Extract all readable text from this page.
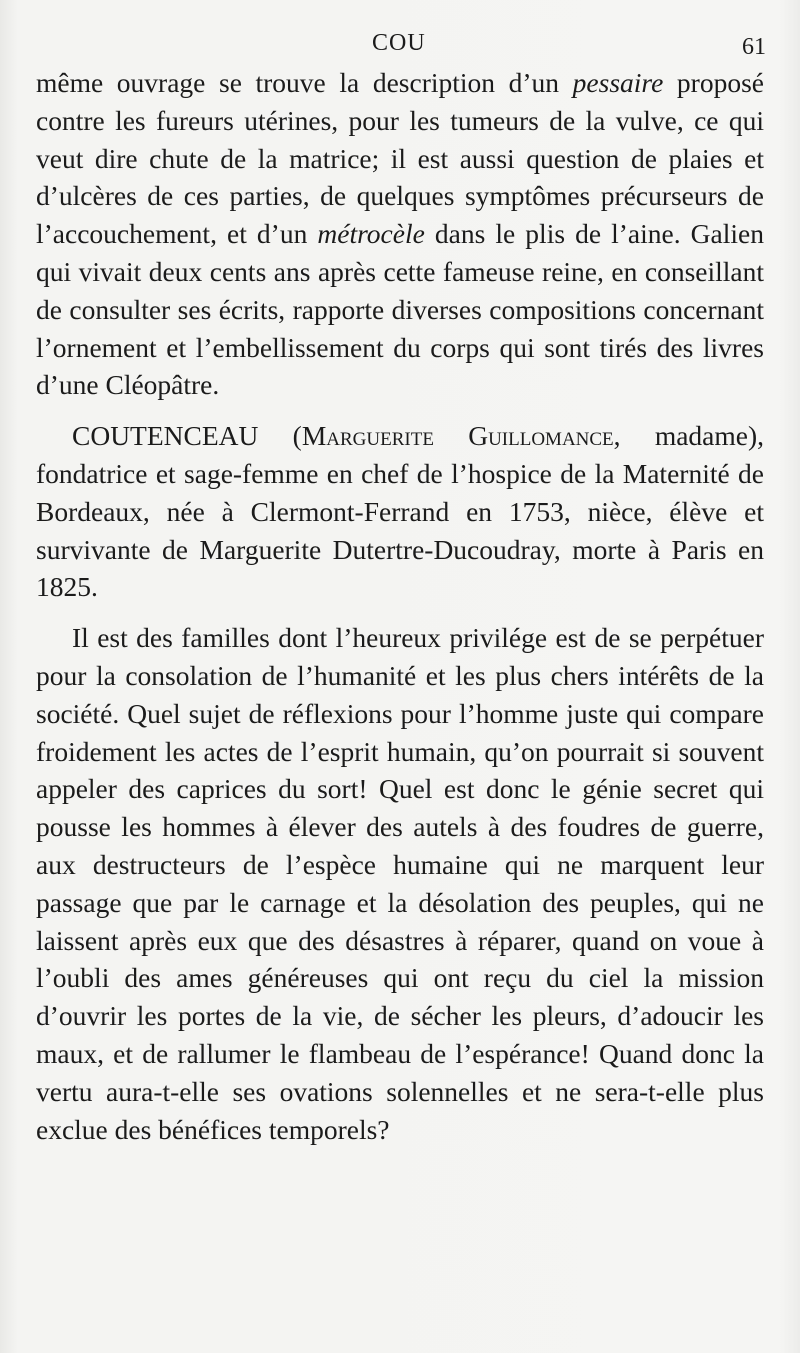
COU	61

même ouvrage se trouve la description d’un pessaire proposé contre les fureurs utérines, pour les tumeurs de la vulve, ce qui veut dire chute de la matrice; il est aussi question de plaies et d’ulcères de ces parties, de quelques symptômes précurseurs de l’accouchement, et d’un métrocèle dans le plis de l’aine. Galien qui vivait deux cents ans après cette fameuse reine, en conseillant de consulter ses écrits, rapporte diverses compositions concernant l’ornement et l’embellissement du corps qui sont tirés des livres d’une Cléopâtre.

COUTENCEAU (Marguerite Guillomance, madame), fondatrice et sage-femme en chef de l’hospice de la Maternité de Bordeaux, née à Clermont-Ferrand en 1753, nièce, élève et survivante de Marguerite Dutertre-Ducoudray, morte à Paris en 1825.

Il est des familles dont l’heureux privilége est de se perpétuer pour la consolation de l’humanité et les plus chers intérêts de la société. Quel sujet de réflexions pour l’homme juste qui compare froidement les actes de l’esprit humain, qu’on pourrait si souvent appeler des caprices du sort! Quel est donc le génie secret qui pousse les hommes à élever des autels à des foudres de guerre, aux destructeurs de l’espèce humaine qui ne marquent leur passage que par le carnage et la désolation des peuples, qui ne laissent après eux que des désastres à réparer, quand on voue à l’oubli des ames généreuses qui ont reçu du ciel la mission d’ouvrir les portes de la vie, de sécher les pleurs, d’adoucir les maux, et de rallumer le flambeau de l’espérance! Quand donc la vertu aura-t-elle ses ovations solennelles et ne sera-t-elle plus exclue des bénéfices temporels?
